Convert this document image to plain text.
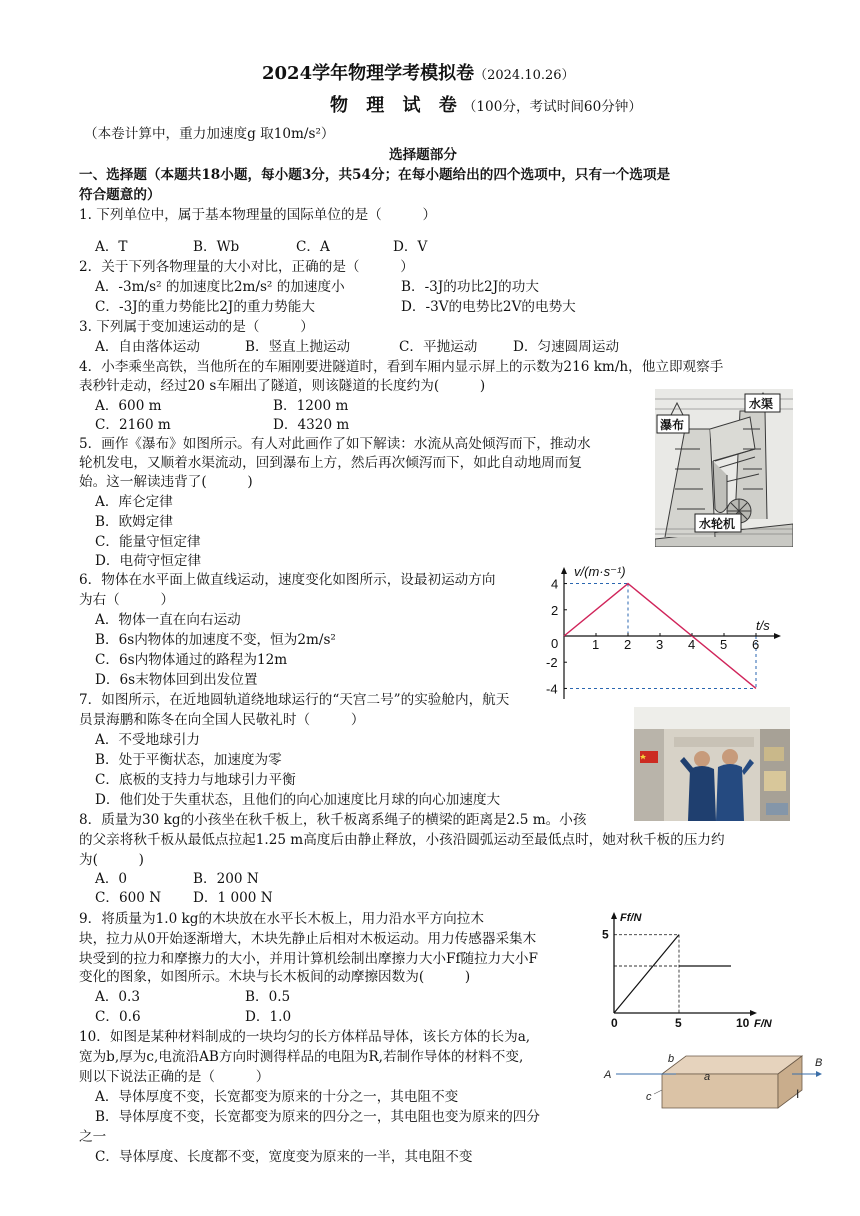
2024学年物理学考模拟卷（2024.10.26）
物 理 试 卷（100分，考试时间60分钟）
（本卷计算中，重力加速度g 取10m/s²）
选择题部分
一、选择题（本题共18小题，每小题3分，共54分；在每小题给出的四个选项中，只有一个选项是
符合题意的）
1. 下列单位中，属于基本物理量的国际单位的是（　　　）
A．T	B．Wb	C．A	D．V
2．关于下列各物理量的大小对比，正确的是（　　　）
A．-3m/s² 的加速度比2m/s² 的加速度小	B．-3J的功比2J的功大
C．-3J的重力势能比2J的重力势能大	D．-3V的电势比2V的电势大
3. 下列属于变加速运动的是（　　　）
A．自由落体运动	B．竖直上抛运动	C．平抛运动	D．匀速圆周运动
4．小李乘坐高铁，当他所在的车厢刚要进隧道时，看到车厢内显示屏上的示数为216 km/h，他立即观察手
表秒针走动，经过20 s车厢出了隧道，则该隧道的长度约为(　　　)
A．600 m	B．1200 m
C．2160 m	D．4320 m
5．画作《瀑布》如图所示。有人对此画作了如下解读：水流从高处倾泻而下，推动水
轮机发电，又顺着水渠流动，回到瀑布上方，然后再次倾泻而下，如此自动地周而复
始。这一解读违背了(　　　)
A．库仑定律
B．欧姆定律
C．能量守恒定律
D．电荷守恒定律
瀑布
水渠
水轮机
6．物体在水平面上做直线运动，速度变化如图所示，设最初运动方向
为右（　　　）
A．物体一直在向右运动
B．6s内物体的加速度不变，恒为2m/s²
C．6s内物体通过的路程为12m
D．6s末物体回到出发位置
1 2 3 4 5 6
4
2
0
-2
-4
v/(m·s⁻¹)
t/s
7．如图所示，在近地圆轨道绕地球运行的“天宫二号”的实验舱内，航天
员景海鹏和陈冬在向全国人民敬礼时（　　　）
A．不受地球引力
B．处于平衡状态，加速度为零
C．底板的支持力与地球引力平衡
D．他们处于失重状态，且他们的向心加速度比月球的向心加速度大
8．质量为30 kg的小孩坐在秋千板上，秋千板离系绳子的横梁的距离是2.5 m。小孩
的父亲将秋千板从最低点拉起1.25 m高度后由静止释放，小孩沿圆弧运动至最低点时，她对秋千板的压力约
为(　　　)
A．0	B．200 N
C．600 N D．1 000 N
9．将质量为1.0 kg的木块放在水平长木板上，用力沿水平方向拉木
块，拉力从0开始逐渐增大，木块先静止后相对木板运动。用力传感器采集木
块受到的拉力和摩擦力的大小，并用计算机绘制出摩擦力大小Ff随拉力大小F
变化的图象，如图所示。木块与长木板间的动摩擦因数为(　　　)
A．0.3	B．0.5
C．0.6	D．1.0	0	5	10
5
Ff/N
F/N
10．如图是某种材料制成的一块均匀的长方体样品导体，该长方体的长为a,
宽为b,厚为c,电流沿AB方向时测得样品的电阻为R,若制作导体的材料不变,
则以下说法正确的是（　　　）
A．导体厚度不变，长宽都变为原来的十分之一，其电阻不变
B．导体厚度不变，长宽都变为原来的四分之一，其电阻也变为原来的四分
之一
C．导体厚度、长度都不变，宽度变为原来的一半，其电阻不变
A
B
b
a
c	I
